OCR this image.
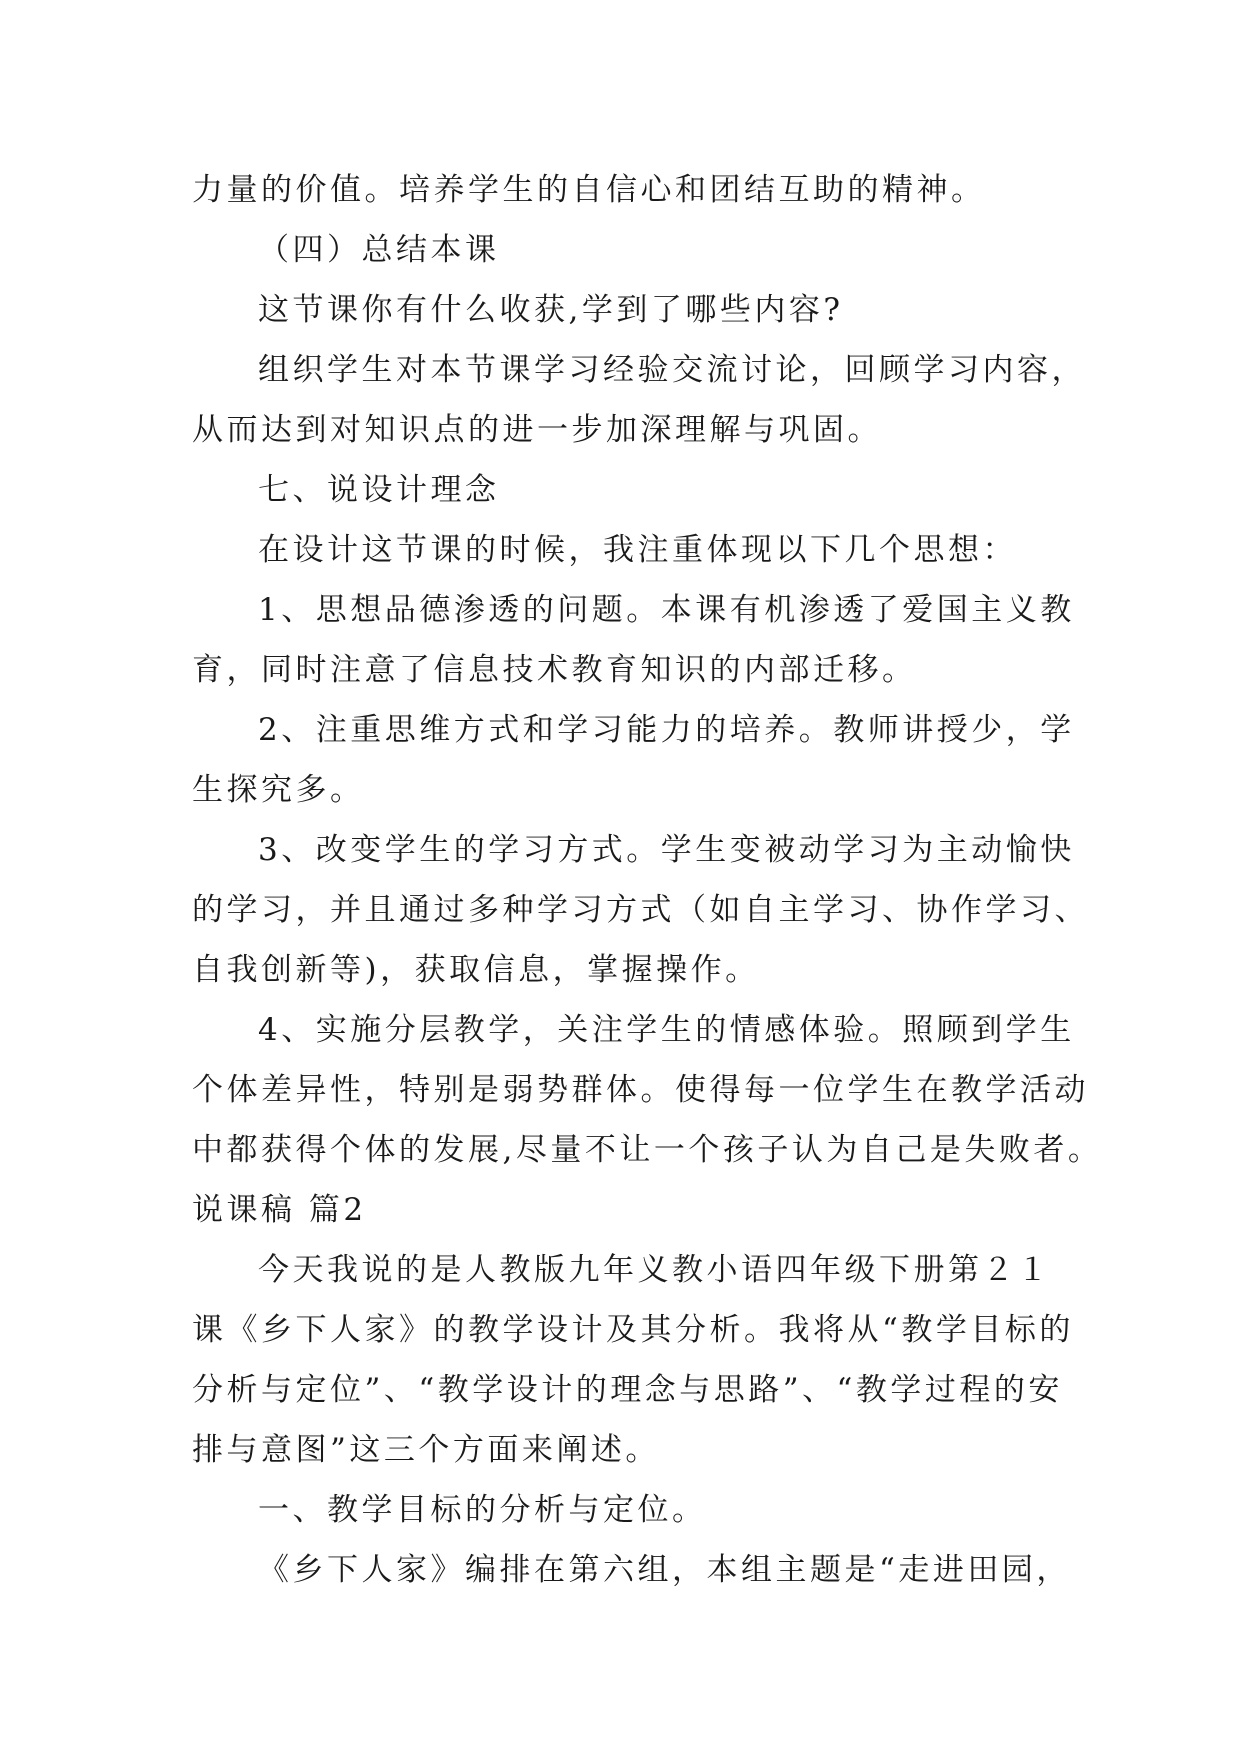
力量的价值。培养学生的自信心和团结互助的精神。
（四）总结本课
这节课你有什么收获,学到了哪些内容?
组织学生对本节课学习经验交流讨论，回顾学习内容，
从而达到对知识点的进一步加深理解与巩固。
七、说设计理念
在设计这节课的时候，我注重体现以下几个思想：
1、思想品德渗透的问题。本课有机渗透了爱国主义教
育，同时注意了信息技术教育知识的内部迁移。
2、注重思维方式和学习能力的培养。教师讲授少，学
生探究多。
3、改变学生的学习方式。学生变被动学习为主动愉快
的学习，并且通过多种学习方式（如自主学习、协作学习、
自我创新等)，获取信息，掌握操作。
4、实施分层教学，关注学生的情感体验。照顾到学生
个体差异性，特别是弱势群体。使得每一位学生在教学活动
中都获得个体的发展,尽量不让一个孩子认为自己是失败者。
说课稿 篇2
今天我说的是人教版九年义教小语四年级下册第２１
课《乡下人家》的教学设计及其分析。我将从“教学目标的
分析与定位”、“教学设计的理念与思路”、“教学过程的安
排与意图”这三个方面来阐述。
一、教学目标的分析与定位。
《乡下人家》编排在第六组，本组主题是“走进田园，
